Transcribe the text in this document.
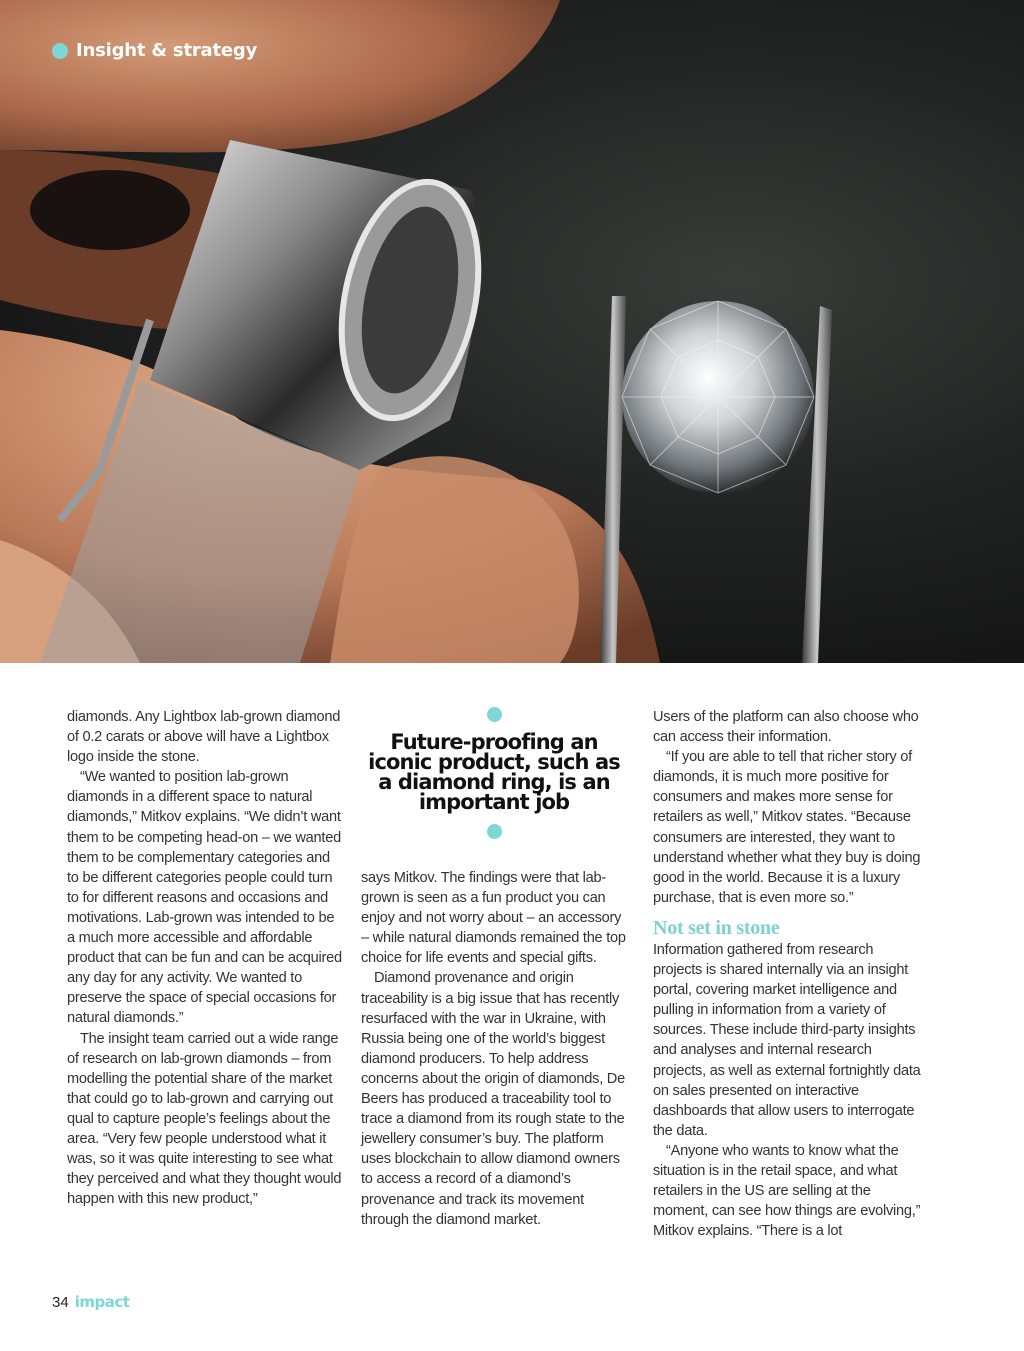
Insight & strategy

diamonds. Any Lightbox lab-grown diamond of 0.2 carats or above will have a Lightbox logo inside the stone.

“We wanted to position lab-grown diamonds in a different space to natural diamonds,” Mitkov explains. “We didn’t want them to be competing head-on – we wanted them to be complementary categories and to be different categories people could turn to for different reasons and occasions and motivations. Lab-grown was intended to be a much more accessible and affordable product that can be fun and can be acquired any day for any activity. We wanted to preserve the space of special occasions for natural diamonds.”

The insight team carried out a wide range of research on lab-grown diamonds – from modelling the potential share of the market that could go to lab-grown and carrying out qual to capture people’s feelings about the area. “Very few people understood what it was, so it was quite interesting to see what they perceived and what they thought would happen with this new product,”

Future-proofing an iconic product, such as a diamond ring, is an important job

says Mitkov. The findings were that lab-grown is seen as a fun product you can enjoy and not worry about – an accessory – while natural diamonds remained the top choice for life events and special gifts.

Diamond provenance and origin traceability is a big issue that has recently resurfaced with the war in Ukraine, with Russia being one of the world’s biggest diamond producers. To help address concerns about the origin of diamonds, De Beers has produced a traceability tool to trace a diamond from its rough state to the jewellery consumer’s buy. The platform uses blockchain to allow diamond owners to access a record of a diamond’s provenance and track its movement through the diamond market.

Users of the platform can also choose who can access their information.

“If you are able to tell that richer story of diamonds, it is much more positive for consumers and makes more sense for retailers as well,” Mitkov states. “Because consumers are interested, they want to understand whether what they buy is doing good in the world. Because it is a luxury purchase, that is even more so.”

Not set in stone

Information gathered from research projects is shared internally via an insight portal, covering market intelligence and pulling in information from a variety of sources. These include third-party insights and analyses and internal research projects, as well as external fortnightly data on sales presented on interactive dashboards that allow users to interrogate the data.

“Anyone who wants to know what the situation is in the retail space, and what retailers in the US are selling at the moment, can see how things are evolving,” Mitkov explains. “There is a lot

34 impact
